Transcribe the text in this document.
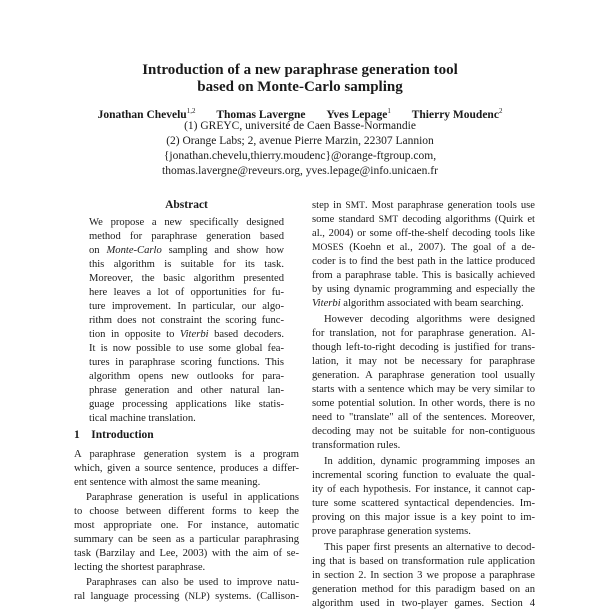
Introduction of a new paraphrase generation tool
based on Monte-Carlo sampling
Jonathan Chevelu$^{1,2}$ Thomas Lavergne Yves Lepage$^1$ Thierry Moudenc$^2$
(1) GREYC, université de Caen Basse-Normandie
(2) Orange Labs; 2, avenue Pierre Marzin, 22307 Lannion
{jonathan.chevelu,thierry.moudenc}@orange-ftgroup.com,
thomas.lavergne@reveurs.org, yves.lepage@info.unicaen.fr
Abstract
We propose a new specifically designed
method for paraphrase generation based
on Monte-Carlo sampling and show how
this algorithm is suitable for its task.
Moreover, the basic algorithm presented
here leaves a lot of opportunities for fu-
ture improvement. In particular, our algo-
rithm does not constraint the scoring func-
tion in opposite to Viterbi based decoders.
It is now possible to use some global fea-
tures in paraphrase scoring functions. This
algorithm opens new outlooks for para-
phrase generation and other natural lan-
guage processing applications like statis-
tical machine translation.
1 Introduction
A paraphrase generation system is a program
which, given a source sentence, produces a differ-
ent sentence with almost the same meaning.
Paraphrase generation is useful in applications
to choose between different forms to keep the
most appropriate one. For instance, automatic
summary can be seen as a particular paraphrasing
task (Barzilay and Lee, 2003) with the aim of se-
lecting the shortest paraphrase.
Paraphrases can also be used to improve natu-
ral language processing (NLP) systems. (Callison-
step in SMT. Most paraphrase generation tools use
some standard SMT decoding algorithms (Quirk et
al., 2004) or some off-the-shelf decoding tools like
MOSES (Koehn et al., 2007). The goal of a de-
coder is to find the best path in the lattice produced
from a paraphrase table. This is basically achieved
by using dynamic programming and especially the
Viterbi algorithm associated with beam searching.
However decoding algorithms were designed
for translation, not for paraphrase generation. Al-
though left-to-right decoding is justified for trans-
lation, it may not be necessary for paraphrase
generation. A paraphrase generation tool usually
starts with a sentence which may be very similar to
some potential solution. In other words, there is no
need to "translate" all of the sentences. Moreover,
decoding may not be suitable for non-contiguous
transformation rules.
In addition, dynamic programming imposes an
incremental scoring function to evaluate the qual-
ity of each hypothesis. For instance, it cannot cap-
ture some scattered syntactical dependencies. Im-
proving on this major issue is a key point to im-
prove paraphrase generation systems.
This paper first presents an alternative to decod-
ing that is based on transformation rule application
in section 2. In section 3 we propose a paraphrase
generation method for this paradigm based on an
algorithm used in two-player games. Section 4
